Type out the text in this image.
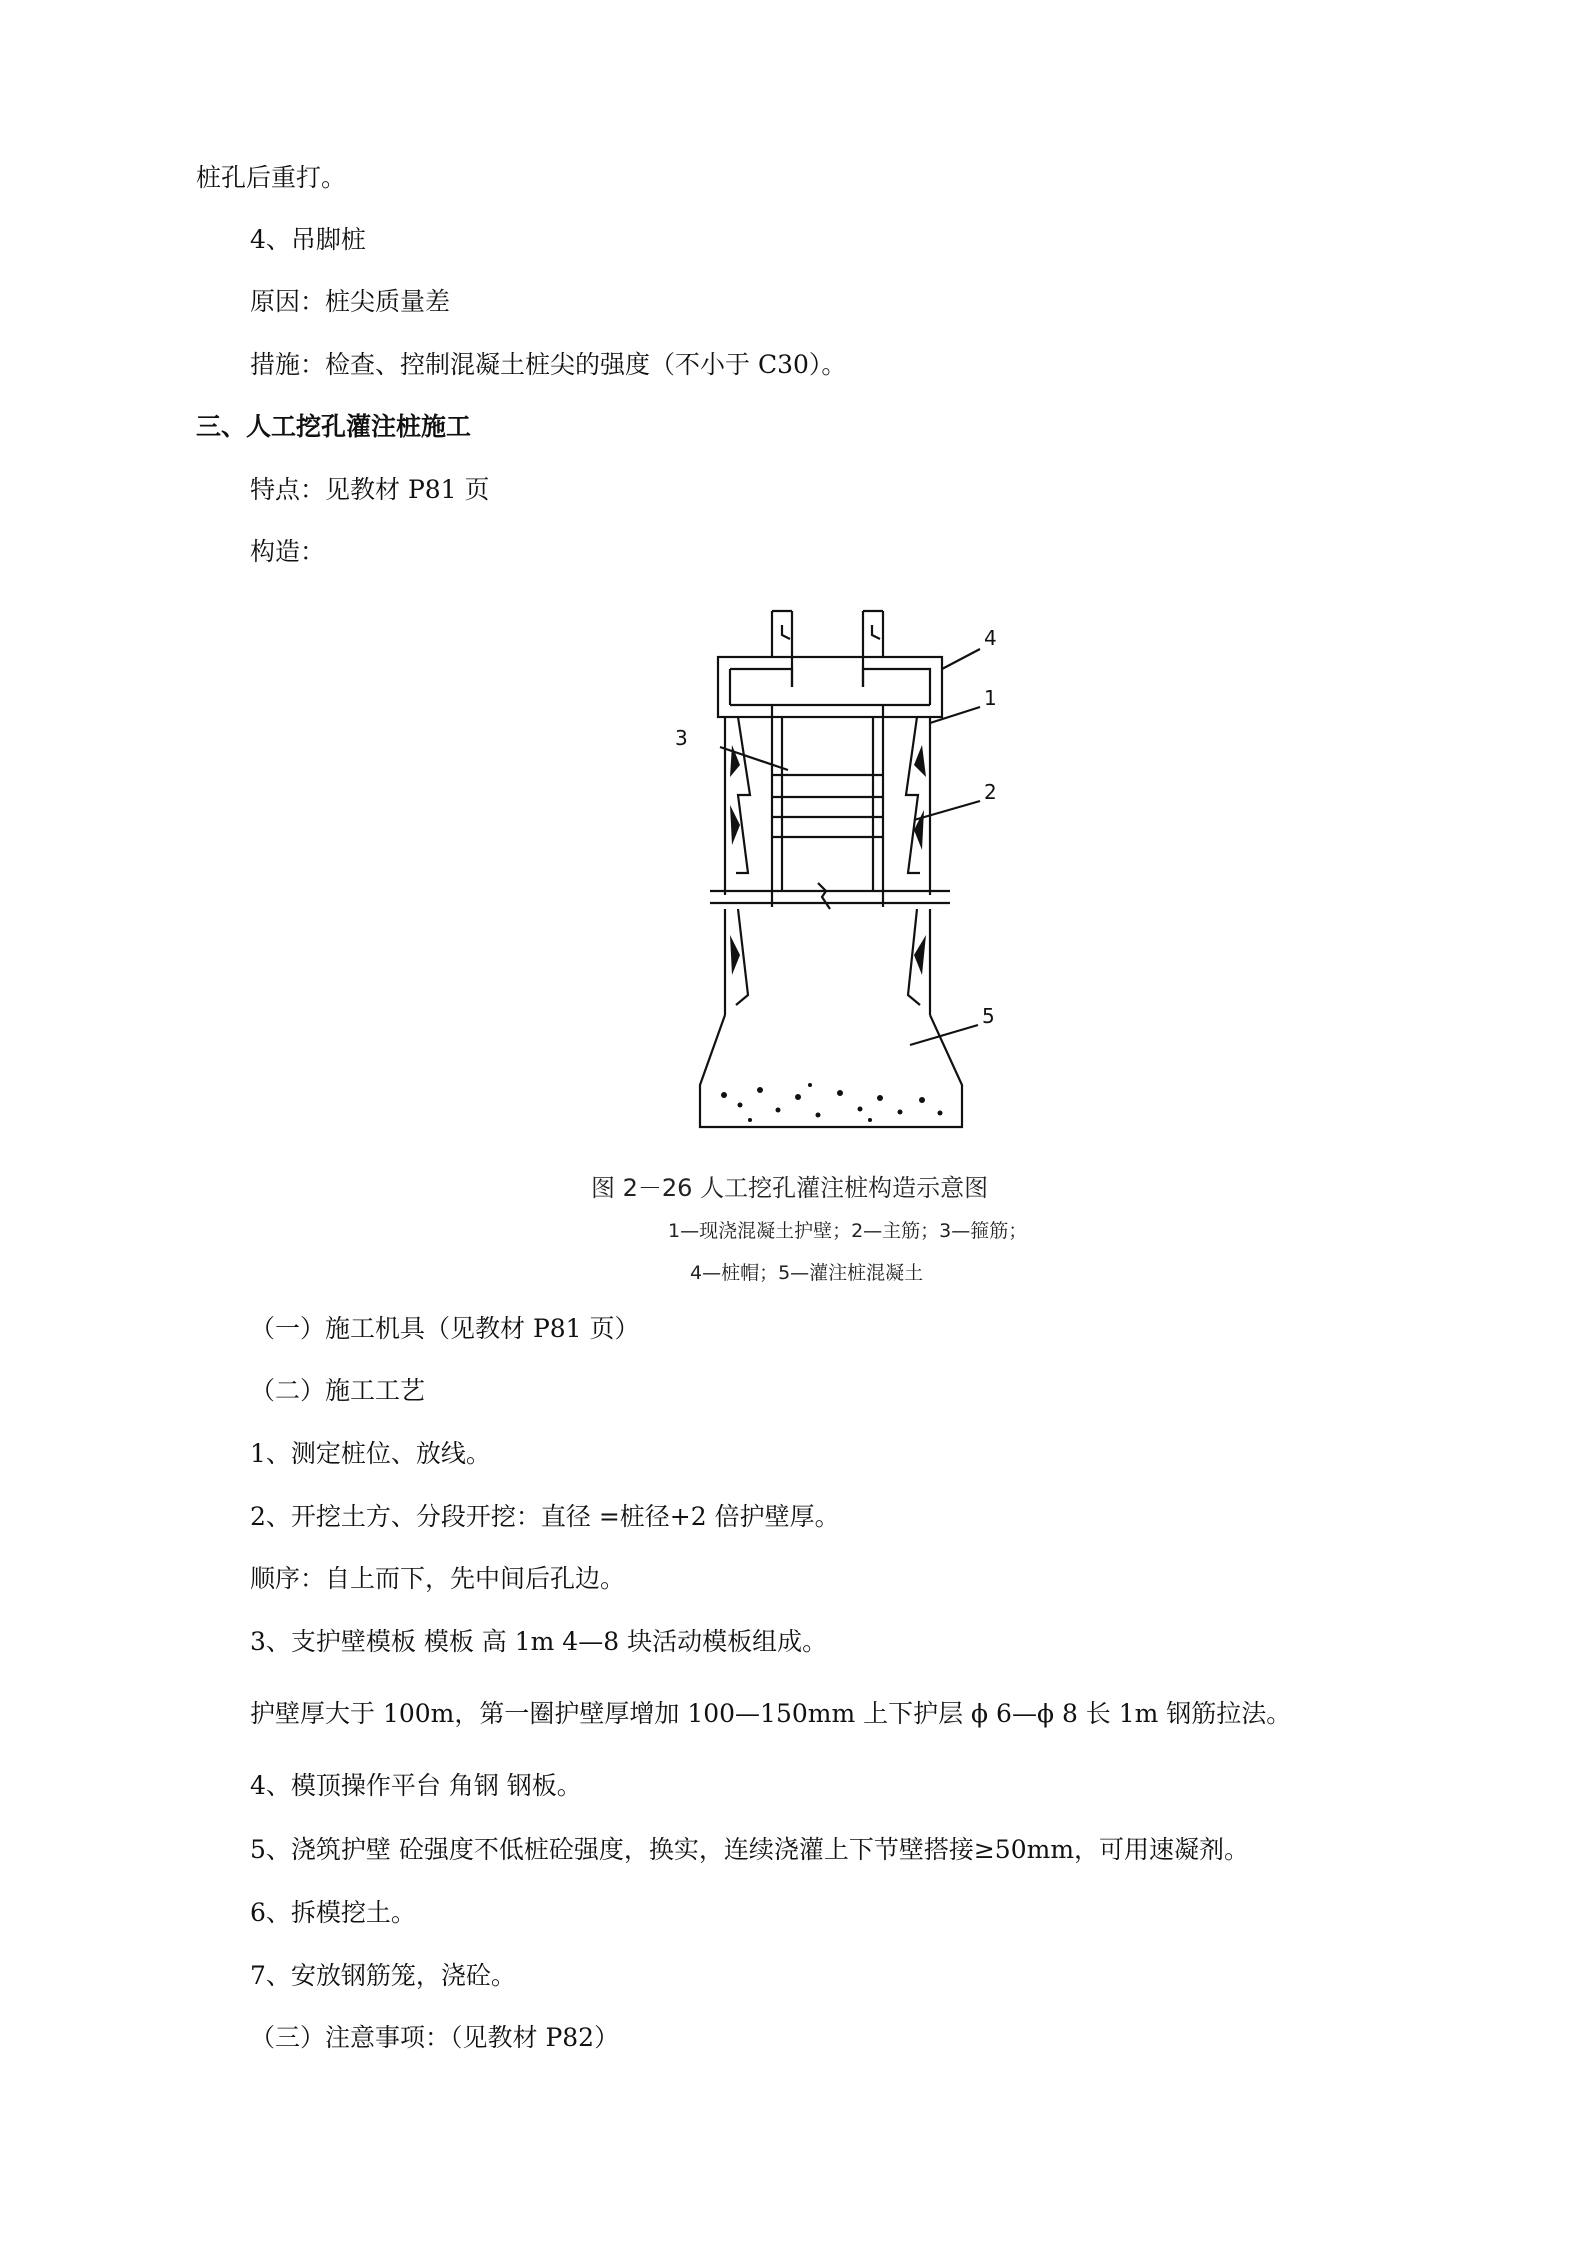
桩孔后重打。
4、吊脚桩
原因：桩尖质量差
措施：检查、控制混凝土桩尖的强度（不小于 C30）。
三、人工挖孔灌注桩施工
特点：见教材 P81 页
构造：
3
4
1
2
5
图 2－26 人工挖孔灌注桩构造示意图
1—现浇混凝土护壁；2—主筋；3—箍筋；
4—桩帽；5—灌注桩混凝土
（一）施工机具（见教材 P81 页）
（二）施工工艺
1、测定桩位、放线。
2、开挖土方、分段开挖：直径 =桩径+2 倍护壁厚。
顺序：自上而下，先中间后孔边。
3、支护壁模板 模板 高 1m 4—8 块活动模板组成。
护壁厚大于 100m，第一圈护壁厚增加 100—150mm 上下护层 ϕ 6—ϕ 8 长 1m 钢筋拉法。
4、模顶操作平台 角钢 钢板。
5、浇筑护壁 砼强度不低桩砼强度，换实，连续浇灌上下节壁搭接≥50mm，可用速凝剂。
6、拆模挖土。
7、安放钢筋笼，浇砼。
（三）注意事项：（见教材 P82）
